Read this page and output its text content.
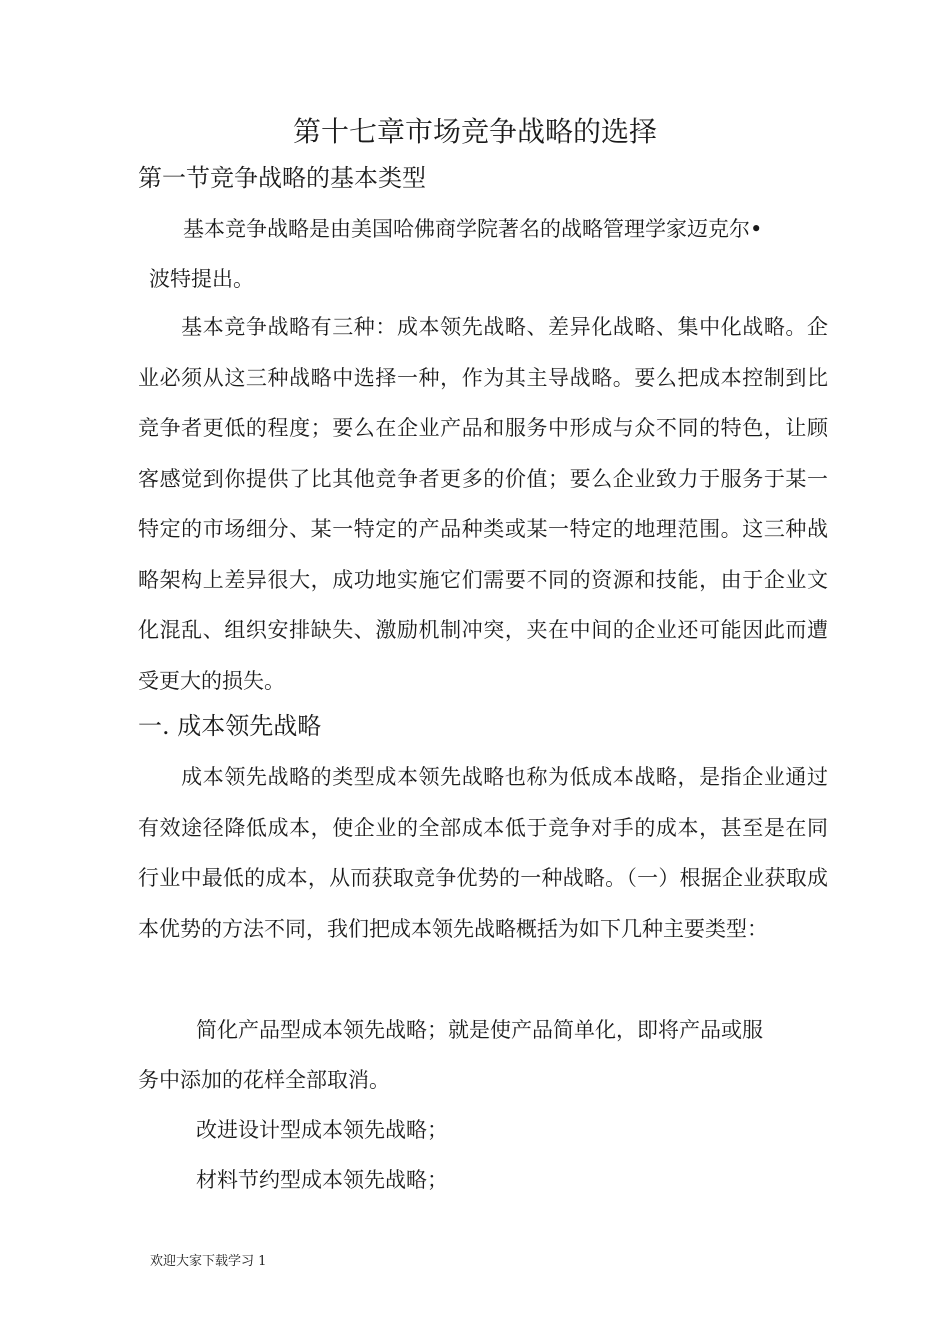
第十七章市场竞争战略的选择
第一节竞争战略的基本类型
基本竞争战略是由美国哈佛商学院著名的战略管理学家迈克尔•
波特提出。
　　基本竞争战略有三种：成本领先战略、差异化战略、集中化战略。企业必须从这三种战略中选择一种，作为其主导战略。要么把成本控制到比竞争者更低的程度；要么在企业产品和服务中形成与众不同的特色，让顾客感觉到你提供了比其他竞争者更多的价值；要么企业致力于服务于某一特定的市场细分、某一特定的产品种类或某一特定的地理范围。这三种战略架构上差异很大，成功地实施它们需要不同的资源和技能，由于企业文化混乱、组织安排缺失、激励机制冲突，夹在中间的企业还可能因此而遭受更大的损失。
一. 成本领先战略
　　成本领先战略的类型成本领先战略也称为低成本战略，是指企业通过有效途径降低成本，使企业的全部成本低于竞争对手的成本，甚至是在同行业中最低的成本，从而获取竞争优势的一种战略。（一）根据企业获取成本优势的方法不同，我们把成本领先战略概括为如下几种主要类型：
简化产品型成本领先战略；就是使产品简单化，即将产品或服
务中添加的花样全部取消。
改进设计型成本领先战略；
材料节约型成本领先战略；
欢迎大家下载学习 1
